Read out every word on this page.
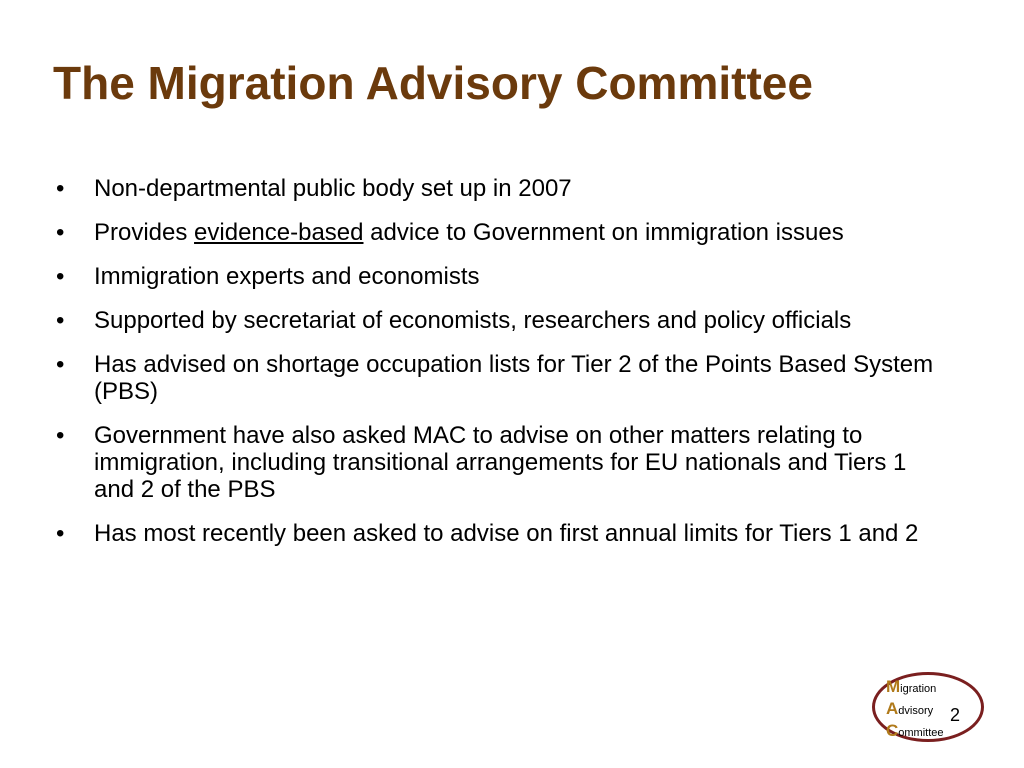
The Migration Advisory Committee
• Non-departmental public body set up in 2007
• Provides evidence-based advice to Government on immigration issues
• Immigration experts and economists
• Supported by secretariat of economists, researchers and policy officials
• Has advised on shortage occupation lists for Tier 2 of the Points Based System (PBS)
• Government have also asked MAC to advise on other matters relating to immigration, including transitional arrangements for EU nationals and Tiers 1 and 2 of the PBS
• Has most recently been asked to advise on first annual limits for Tiers 1 and 2
Migration
Advisory
Committee
2
